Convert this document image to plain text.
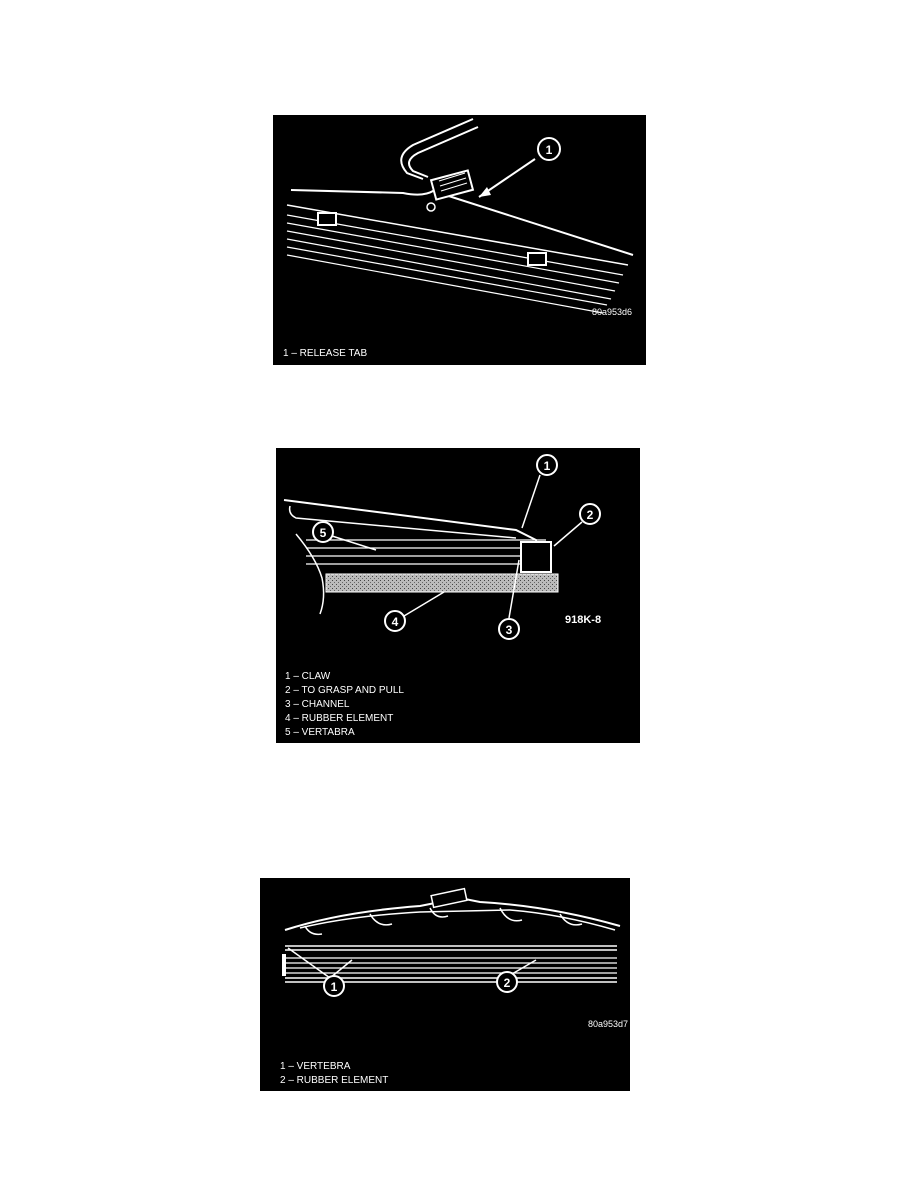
1
80a953d6
1 – RELEASE TAB
1
2
3
4
5
918K-8
1 – CLAW
2 – TO GRASP AND PULL
3 – CHANNEL
4 – RUBBER ELEMENT
5 – VERTABRA
1	2
80a953d7
1 – VERTEBRA
2 – RUBBER ELEMENT
